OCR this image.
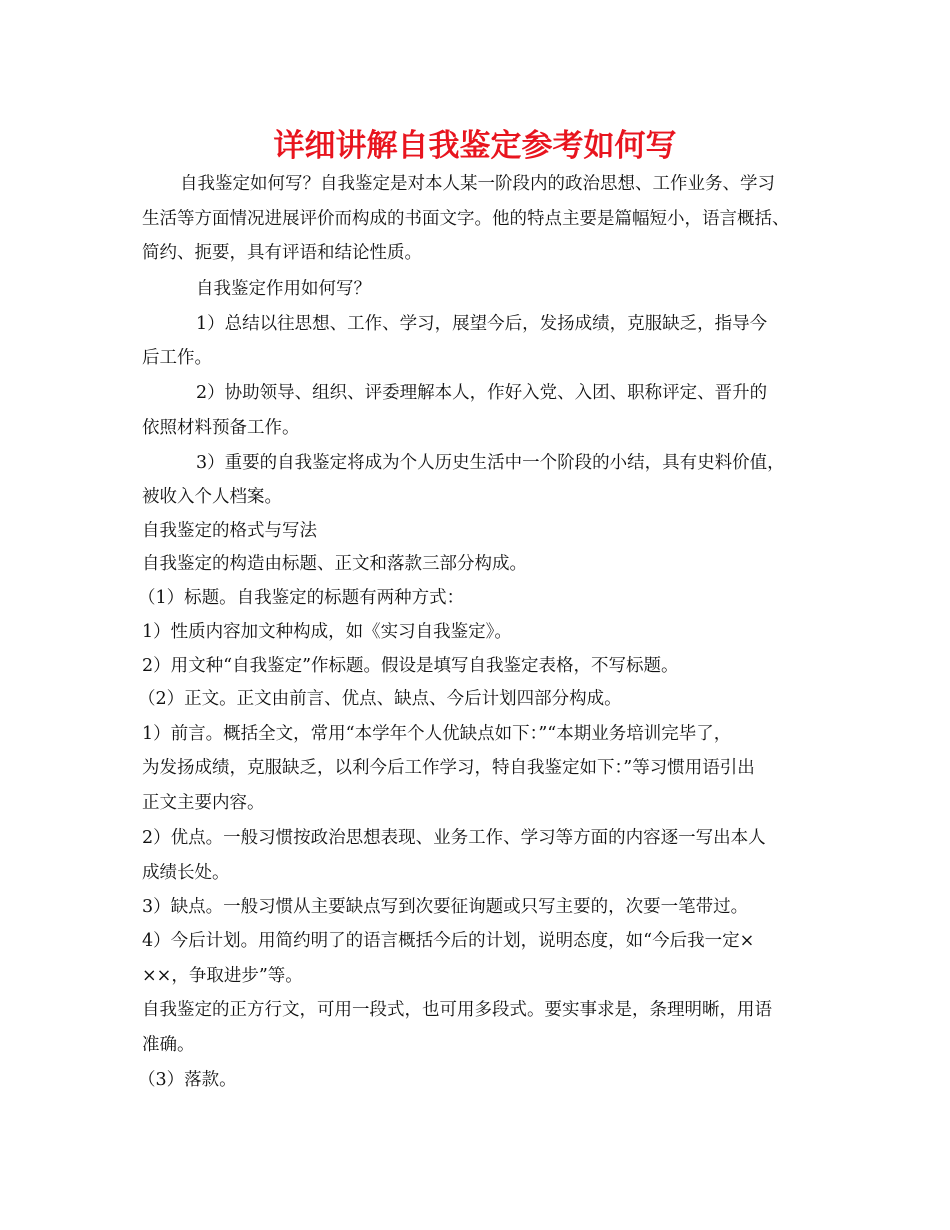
详细讲解自我鉴定参考如何写
自我鉴定如何写？自我鉴定是对本人某一阶段内的政治思想、工作业务、学习
生活等方面情况进展评价而构成的书面文字。他的特点主要是篇幅短小，语言概括、
简约、扼要，具有评语和结论性质。
自我鉴定作用如何写？
1）总结以往思想、工作、学习，展望今后，发扬成绩，克服缺乏，指导今
后工作。
2）协助领导、组织、评委理解本人，作好入党、入团、职称评定、晋升的
依照材料预备工作。
3）重要的自我鉴定将成为个人历史生活中一个阶段的小结，具有史料价值，
被收入个人档案。
自我鉴定的格式与写法
自我鉴定的构造由标题、正文和落款三部分构成。
（1）标题。自我鉴定的标题有两种方式：
1）性质内容加文种构成，如《实习自我鉴定》。
2）用文种“自我鉴定”作标题。假设是填写自我鉴定表格，不写标题。
（2）正文。正文由前言、优点、缺点、今后计划四部分构成。
1）前言。概括全文，常用“本学年个人优缺点如下：”“本期业务培训完毕了，
为发扬成绩，克服缺乏，以利今后工作学习，特自我鉴定如下：”等习惯用语引出
正文主要内容。
2）优点。一般习惯按政治思想表现、业务工作、学习等方面的内容逐一写出本人
成绩长处。
3）缺点。一般习惯从主要缺点写到次要征询题或只写主要的，次要一笔带过。
4）今后计划。用简约明了的语言概括今后的计划，说明态度，如“今后我一定×
××，争取进步”等。
自我鉴定的正方行文，可用一段式，也可用多段式。要实事求是，条理明晰，用语
准确。
（3）落款。
